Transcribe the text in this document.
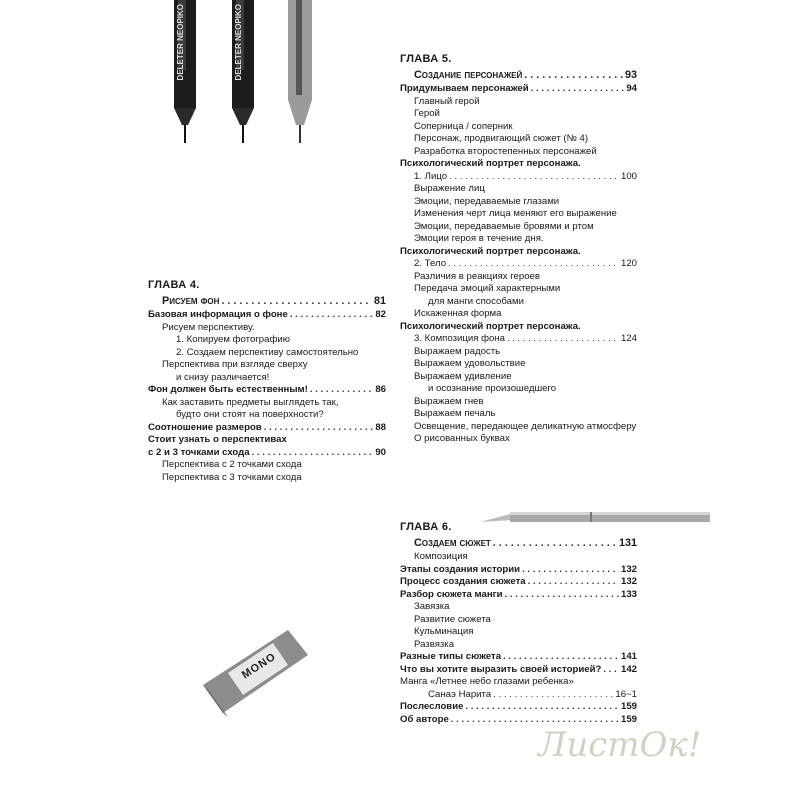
DELETER NEOPIKO	DELETER NEOPIKO
MONO
ГЛАВА 4.
Рисуем фон . . .	81
Базовая информация о фоне . . .	82
Рисуем перспективу.
1. Копируем фотографию
2. Создаем перспективу самостоятельно
Перспектива при взгляде сверху
и снизу различается!
Фон должен быть естественным! . . .	86
Как заставить предметы выглядеть так,
будто они стоят на поверхности?
Соотношение размеров . . .	88
Стоит узнать о перспективах
с 2 и 3 точками схода . . .	90
Перспектива с 2 точками схода
Перспектива с 3 точками схода
ГЛАВА 5.
Создание персонажей . . .	93
Придумываем персонажей . . .	94
Главный герой
Герой
Соперница / соперник
Персонаж, продвигающий сюжет (№ 4)
Разработка второстепенных персонажей
Психологический портрет персонажа.
1. Лицо . . .	100
Выражение лиц
Эмоции, передаваемые глазами
Изменения черт лица меняют его выражение
Эмоции, передаваемые бровями и ртом
Эмоции героя в течение дня.
Психологический портрет персонажа.
2. Тело . . .	120
Различия в реакциях героев
Передача эмоций характерными
для манги способами
Искаженная форма
Психологический портрет персонажа.
3. Композиция фона . . .	124
Выражаем радость
Выражаем удовольствие
Выражаем удивление
и осознание произошедшего
Выражаем гнев
Выражаем печаль
Освещение, передающее деликатную атмосферу
О рисованных буквах
ГЛАВА 6.
Создаем сюжет . . .	131
Композиция
Этапы создания истории . . .	132
Процесс создания сюжета . . .	132
Разбор сюжета манги . . .	133
Завязка
Развитие сюжета
Кульминация
Развязка
Разные типы сюжета . . .	141
Что вы хотите выразить своей историей? . . . 142
Манга «Летнее небо глазами ребенка»
Санаэ Нарита . . .	16~1
Послесловие . . .	159
Об авторе . . .	159
ЛистОк!
